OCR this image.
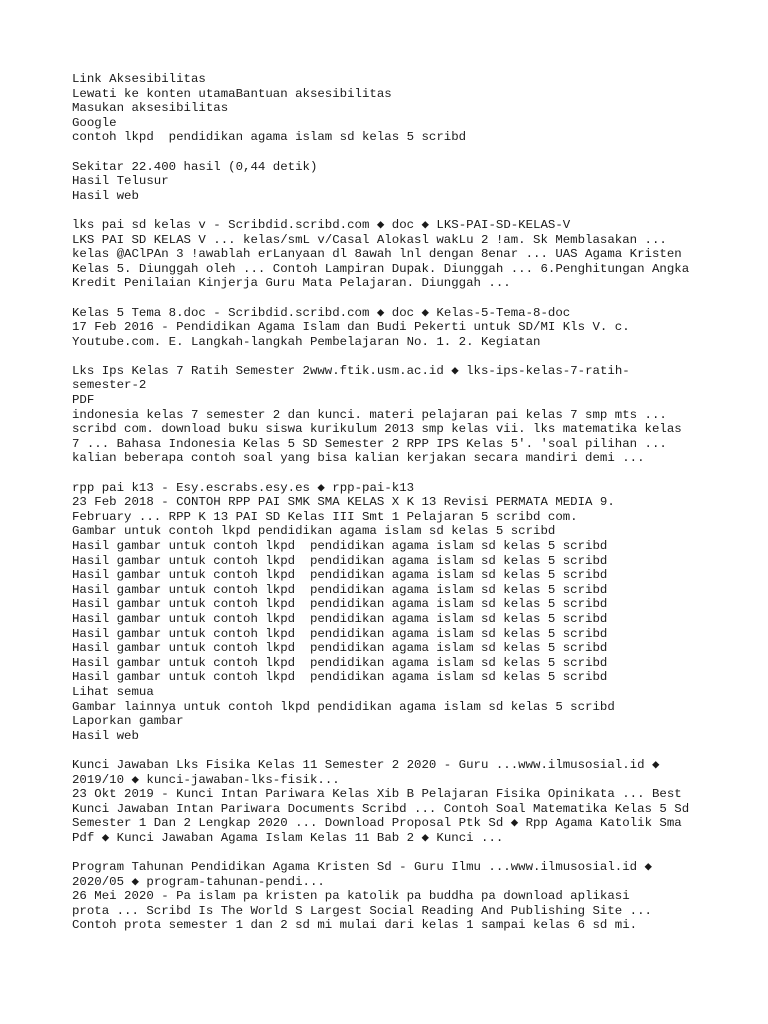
Link Aksesibilitas
Lewati ke konten utamaBantuan aksesibilitas
Masukan aksesibilitas
Google
contoh lkpd  pendidikan agama islam sd kelas 5 scribd
Sekitar 22.400 hasil (0,44 detik)
Hasil Telusur
Hasil web
lks pai sd kelas v - Scribdid.scribd.com ◆ doc ◆ LKS-PAI-SD-KELAS-V
LKS PAI SD KELAS V ... kelas/smL v/Casal Alokasl wakLu 2 !am. Sk Memblasakan ...
kelas @AClPAn 3 !awablah erLanyaan dl 8awah lnl dengan 8enar ... UAS Agama Kristen
Kelas 5. Diunggah oleh ... Contoh Lampiran Dupak. Diunggah ... 6.Penghitungan Angka
Kredit Penilaian Kinjerja Guru Mata Pelajaran. Diunggah ...
Kelas 5 Tema 8.doc - Scribdid.scribd.com ◆ doc ◆ Kelas-5-Tema-8-doc
17 Feb 2016 - Pendidikan Agama Islam dan Budi Pekerti untuk SD/MI Kls V. c.
Youtube.com. E. Langkah-langkah Pembelajaran No. 1. 2. Kegiatan
Lks Ips Kelas 7 Ratih Semester 2www.ftik.usm.ac.id ◆ lks-ips-kelas-7-ratih-
semester-2
PDF
indonesia kelas 7 semester 2 dan kunci. materi pelajaran pai kelas 7 smp mts ...
scribd com. download buku siswa kurikulum 2013 smp kelas vii. lks matematika kelas
7 ... Bahasa Indonesia Kelas 5 SD Semester 2 RPP IPS Kelas 5'. 'soal pilihan ...
kalian beberapa contoh soal yang bisa kalian kerjakan secara mandiri demi ...
rpp pai k13 - Esy.escrabs.esy.es ◆ rpp-pai-k13
23 Feb 2018 - CONTOH RPP PAI SMK SMA KELAS X K 13 Revisi PERMATA MEDIA 9.
February ... RPP K 13 PAI SD Kelas III Smt 1 Pelajaran 5 scribd com.
Gambar untuk contoh lkpd pendidikan agama islam sd kelas 5 scribd
Hasil gambar untuk contoh lkpd  pendidikan agama islam sd kelas 5 scribd
Hasil gambar untuk contoh lkpd  pendidikan agama islam sd kelas 5 scribd
Hasil gambar untuk contoh lkpd  pendidikan agama islam sd kelas 5 scribd
Hasil gambar untuk contoh lkpd  pendidikan agama islam sd kelas 5 scribd
Hasil gambar untuk contoh lkpd  pendidikan agama islam sd kelas 5 scribd
Hasil gambar untuk contoh lkpd  pendidikan agama islam sd kelas 5 scribd
Hasil gambar untuk contoh lkpd  pendidikan agama islam sd kelas 5 scribd
Hasil gambar untuk contoh lkpd  pendidikan agama islam sd kelas 5 scribd
Hasil gambar untuk contoh lkpd  pendidikan agama islam sd kelas 5 scribd
Hasil gambar untuk contoh lkpd  pendidikan agama islam sd kelas 5 scribd
Lihat semua
Gambar lainnya untuk contoh lkpd pendidikan agama islam sd kelas 5 scribd
Laporkan gambar
Hasil web
Kunci Jawaban Lks Fisika Kelas 11 Semester 2 2020 - Guru ...www.ilmusosial.id ◆
2019/10 ◆ kunci-jawaban-lks-fisik...
23 Okt 2019 - Kunci Intan Pariwara Kelas Xib B Pelajaran Fisika Opinikata ... Best
Kunci Jawaban Intan Pariwara Documents Scribd ... Contoh Soal Matematika Kelas 5 Sd
Semester 1 Dan 2 Lengkap 2020 ... Download Proposal Ptk Sd ◆ Rpp Agama Katolik Sma
Pdf ◆ Kunci Jawaban Agama Islam Kelas 11 Bab 2 ◆ Kunci ...
Program Tahunan Pendidikan Agama Kristen Sd - Guru Ilmu ...www.ilmusosial.id ◆
2020/05 ◆ program-tahunan-pendi...
26 Mei 2020 - Pa islam pa kristen pa katolik pa buddha pa download aplikasi
prota ... Scribd Is The World S Largest Social Reading And Publishing Site ...
Contoh prota semester 1 dan 2 sd mi mulai dari kelas 1 sampai kelas 6 sd mi.
